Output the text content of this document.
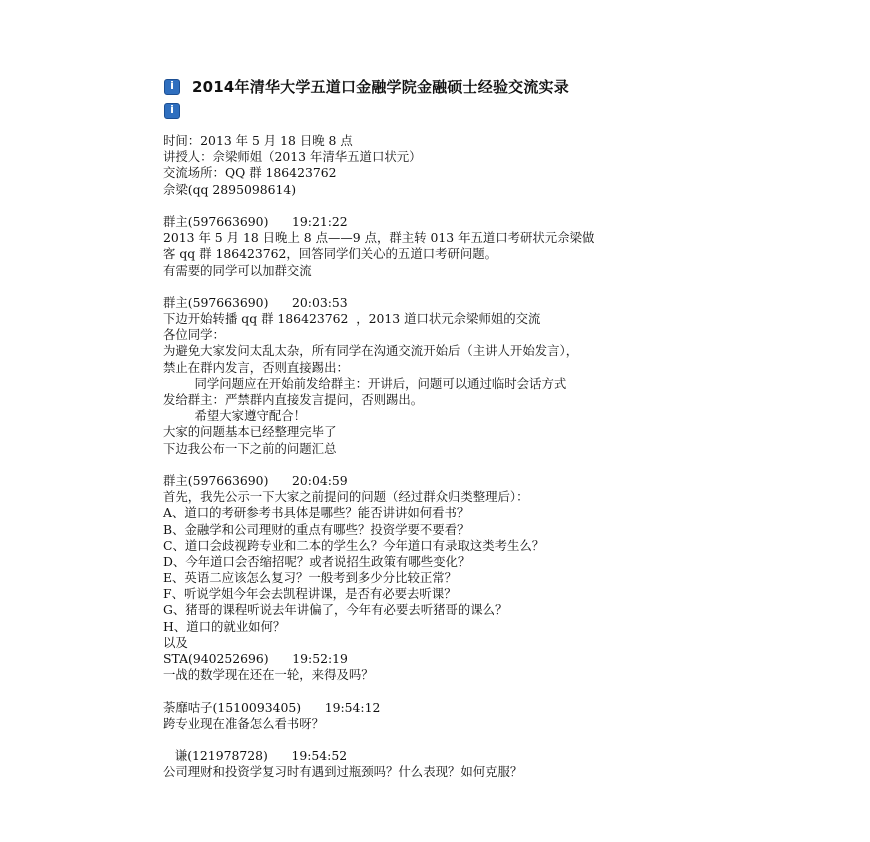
i
2014年清华大学五道口金融学院金融硕士经验交流实录
i
时间：2013 年 5 月 18 日晚 8 点
讲授人：佘梁师姐（2013 年清华五道口状元）
交流场所：QQ 群 186423762
佘梁(qq 2895098614)
群主(597663690)      19:21:22
2013 年 5 月 18 日晚上 8 点——9 点，群主转 013 年五道口考研状元佘梁做
客 qq 群 186423762，回答同学们关心的五道口考研问题。
有需要的同学可以加群交流
群主(597663690)      20:03:53
下边开始转播 qq 群 186423762  ，2013 道口状元佘梁师姐的交流
各位同学：
为避免大家发问太乱太杂，所有同学在沟通交流开始后（主讲人开始发言），
禁止在群内发言，否则直接踢出：
同学问题应在开始前发给群主：开讲后，问题可以通过临时会话方式
发给群主：严禁群内直接发言提问，否则踢出。
希望大家遵守配合！
大家的问题基本已经整理完毕了
下边我公布一下之前的问题汇总
群主(597663690)      20:04:59
首先，我先公示一下大家之前提问的问题（经过群众归类整理后）：
A、道口的考研参考书具体是哪些？能否讲讲如何看书？
B、金融学和公司理财的重点有哪些？投资学要不要看？
C、道口会歧视跨专业和二本的学生么？今年道口有录取这类考生么？
D、今年道口会否缩招呢？或者说招生政策有哪些变化？
E、英语二应该怎么复习？一般考到多少分比较正常？
F、听说学姐今年会去凯程讲课，是否有必要去听课？
G、猪哥的课程听说去年讲偏了，今年有必要去听猪哥的课么？
H、道口的就业如何？
以及
STA(940252696)      19:52:19
一战的数学现在还在一轮，来得及吗？
荼靡咕子(1510093405)      19:54:12
跨专业现在准备怎么看书呀？
谦(121978728)      19:54:52
公司理财和投资学复习时有遇到过瓶颈吗？什么表现？如何克服？
